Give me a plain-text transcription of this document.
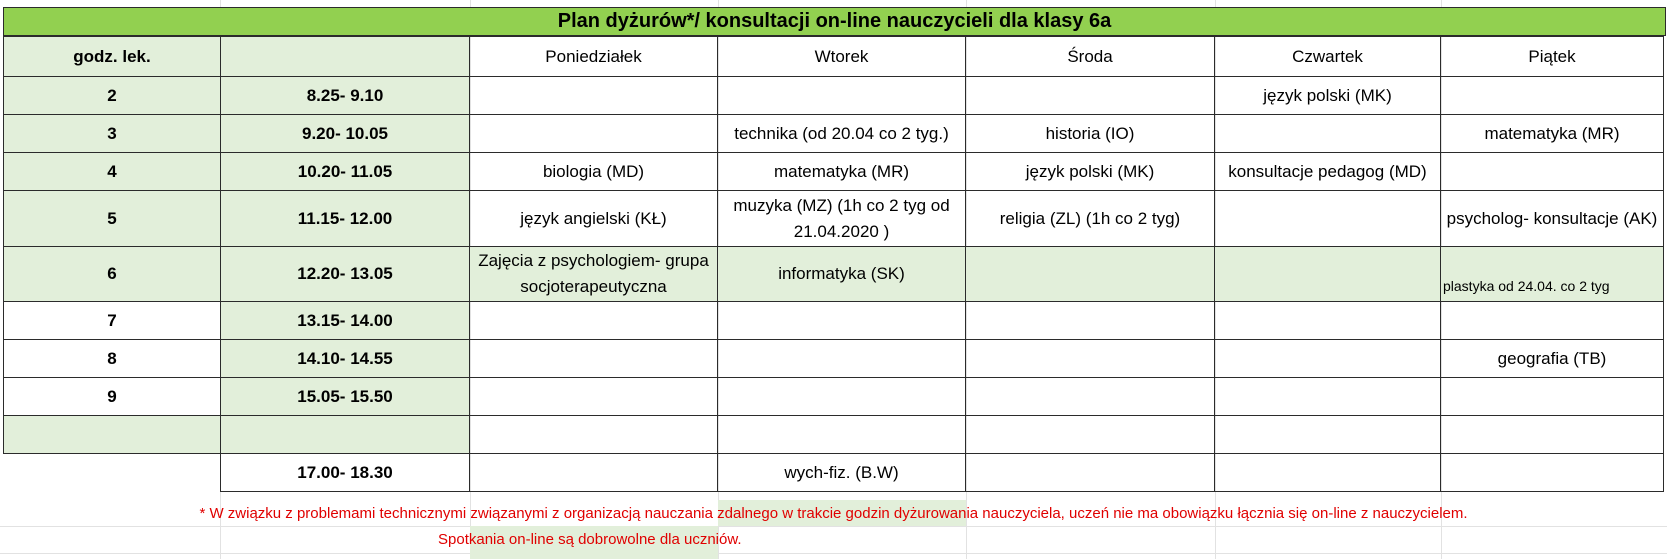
Plan dyżurów*/ konsultacji on-line nauczycieli dla klasy 6a
godz. lek.		Poniedziałek	Wtorek	Środa	Czwartek	Piątek
2	8.25- 9.10				język polski (MK)	
3	9.20- 10.05		technika (od 20.04 co 2 tyg.)	historia (IO)		matematyka (MR)
4	10.20- 11.05	biologia (MD)	matematyka (MR)	język polski (MK)	konsultacje pedagog (MD)	
5	11.15- 12.00	język angielski (KŁ)	muzyka (MZ) (1h co 2 tyg od 21.04.2020 )	religia (ZL) (1h co 2 tyg)		psycholog- konsultacje (AK)
6	12.20- 13.05	Zajęcia z psychologiem- grupa socjoterapeutyczna	informatyka (SK)			plastyka od 24.04. co 2 tyg
7	13.15- 14.00					
8	14.10- 14.55					geografia (TB)
9	15.05- 15.50					

	17.00- 18.30		wych-fiz. (B.W)			
* W związku z problemami technicznymi związanymi z organizacją nauczania zdalnego w trakcie godzin dyżurowania nauczyciela, uczeń nie ma obowiązku łącznia się on-line z nauczycielem.
Spotkania on-line są dobrowolne dla uczniów.
